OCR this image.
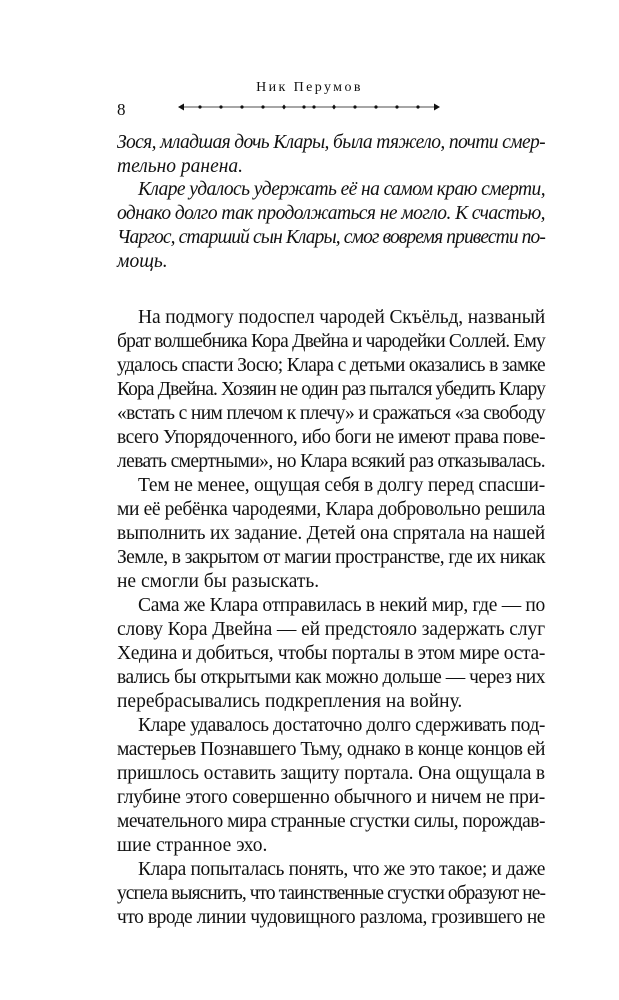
Ник Перумов
8
Зося, младшая дочь Клары, была тяжело, почти смер-
тельно ранена.
Кларе удалось удержать её на самом краю смерти,
однако долго так продолжаться не могло. К счастью,
Чаргос, старший сын Клары, смог вовремя привести по-
мощь.
На подмогу подоспел чародей Скъёльд, названый
брат волшебника Кора Двейна и чародейки Соллей. Ему
удалось спасти Зосю; Клара с детьми оказались в замке
Кора Двейна. Хозяин не один раз пытался убедить Клару
«встать с ним плечом к плечу» и сражаться «за свободу
всего Упорядоченного, ибо боги не имеют права пове-
левать смертными», но Клара всякий раз отказывалась.
Тем не менее, ощущая себя в долгу перед спасши-
ми её ребёнка чародеями, Клара добровольно решила
выполнить их задание. Детей она спрятала на нашей
Земле, в закрытом от магии пространстве, где их никак
не смогли бы разыскать.
Сама же Клара отправилась в некий мир, где — по
слову Кора Двейна — ей предстояло задержать слуг
Хедина и добиться, чтобы порталы в этом мире оста-
вались бы открытыми как можно дольше — через них
перебрасывались подкрепления на войну.
Кларе удавалось достаточно долго сдерживать под-
мастерьев Познавшего Тьму, однако в конце концов ей
пришлось оставить защиту портала. Она ощущала в
глубине этого совершенно обычного и ничем не при-
мечательного мира странные сгустки силы, порождав-
шие странное эхо.
Клара попыталась понять, что же это такое; и даже
успела выяснить, что таинственные сгустки образуют не-
что вроде линии чудовищного разлома, грозившего не
